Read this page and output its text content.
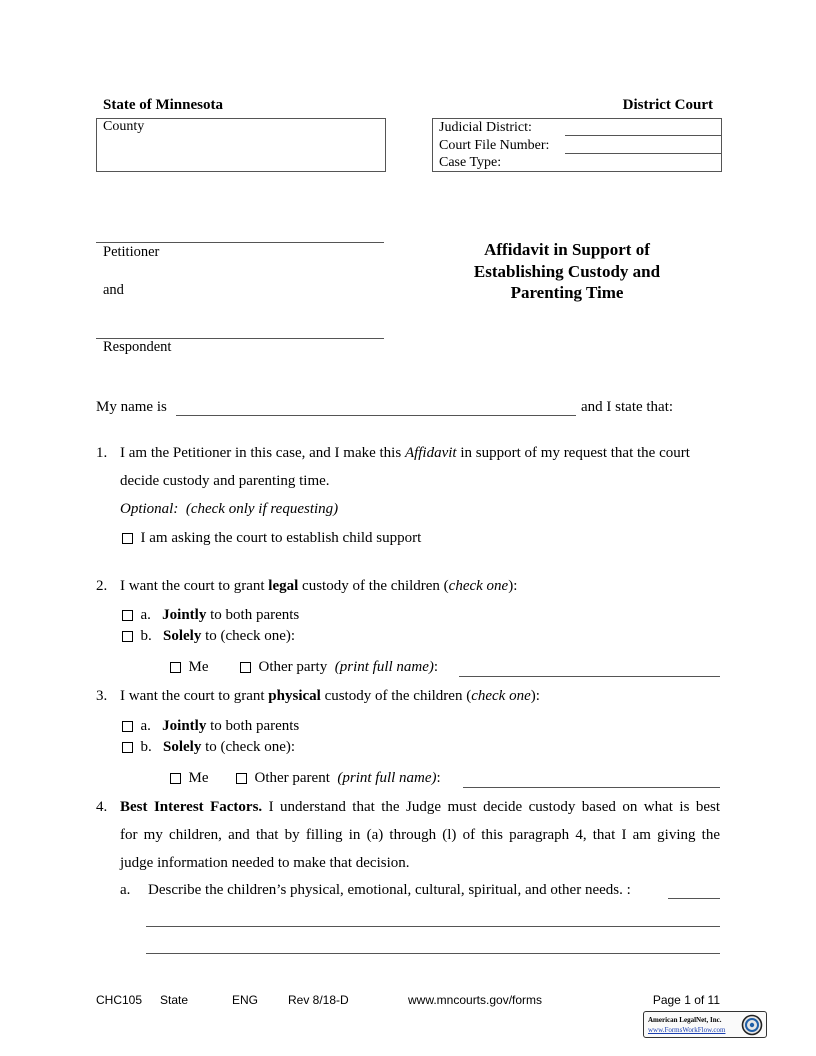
State of Minnesota	District Court
County	Judicial District:
Court File Number:
Case Type:
Petitioner
and
Respondent
Affidavit in Support of
Establishing Custody and
Parenting Time
My name is	and I state that:
1. I am the Petitioner in this case, and I make this Affidavit in support of my request that the court
decide custody and parenting time.
Optional: (check only if requesting)
I am asking the court to establish child support
2. I want the court to grant legal custody of the children (check one):
a. Jointly to both parents
b. Solely to (check one):
Me	Other party (print full name):
3. I want the court to grant physical custody of the children (check one):
a. Jointly to both parents
b. Solely to (check one):
Me	Other parent (print full name):
4. Best Interest Factors. I understand that the Judge must decide custody based on what is best
for my children, and that by filling in (a) through (l) of this paragraph 4, that I am giving the
judge information needed to make that decision.
a. Describe the children’s physical, emotional, cultural, spiritual, and other needs. :
CHC105 State	ENG Rev 8/18-D	www.mncourts.gov/forms	Page 1 of 11
American LegalNet, Inc.
www.FormsWorkFlow.com
